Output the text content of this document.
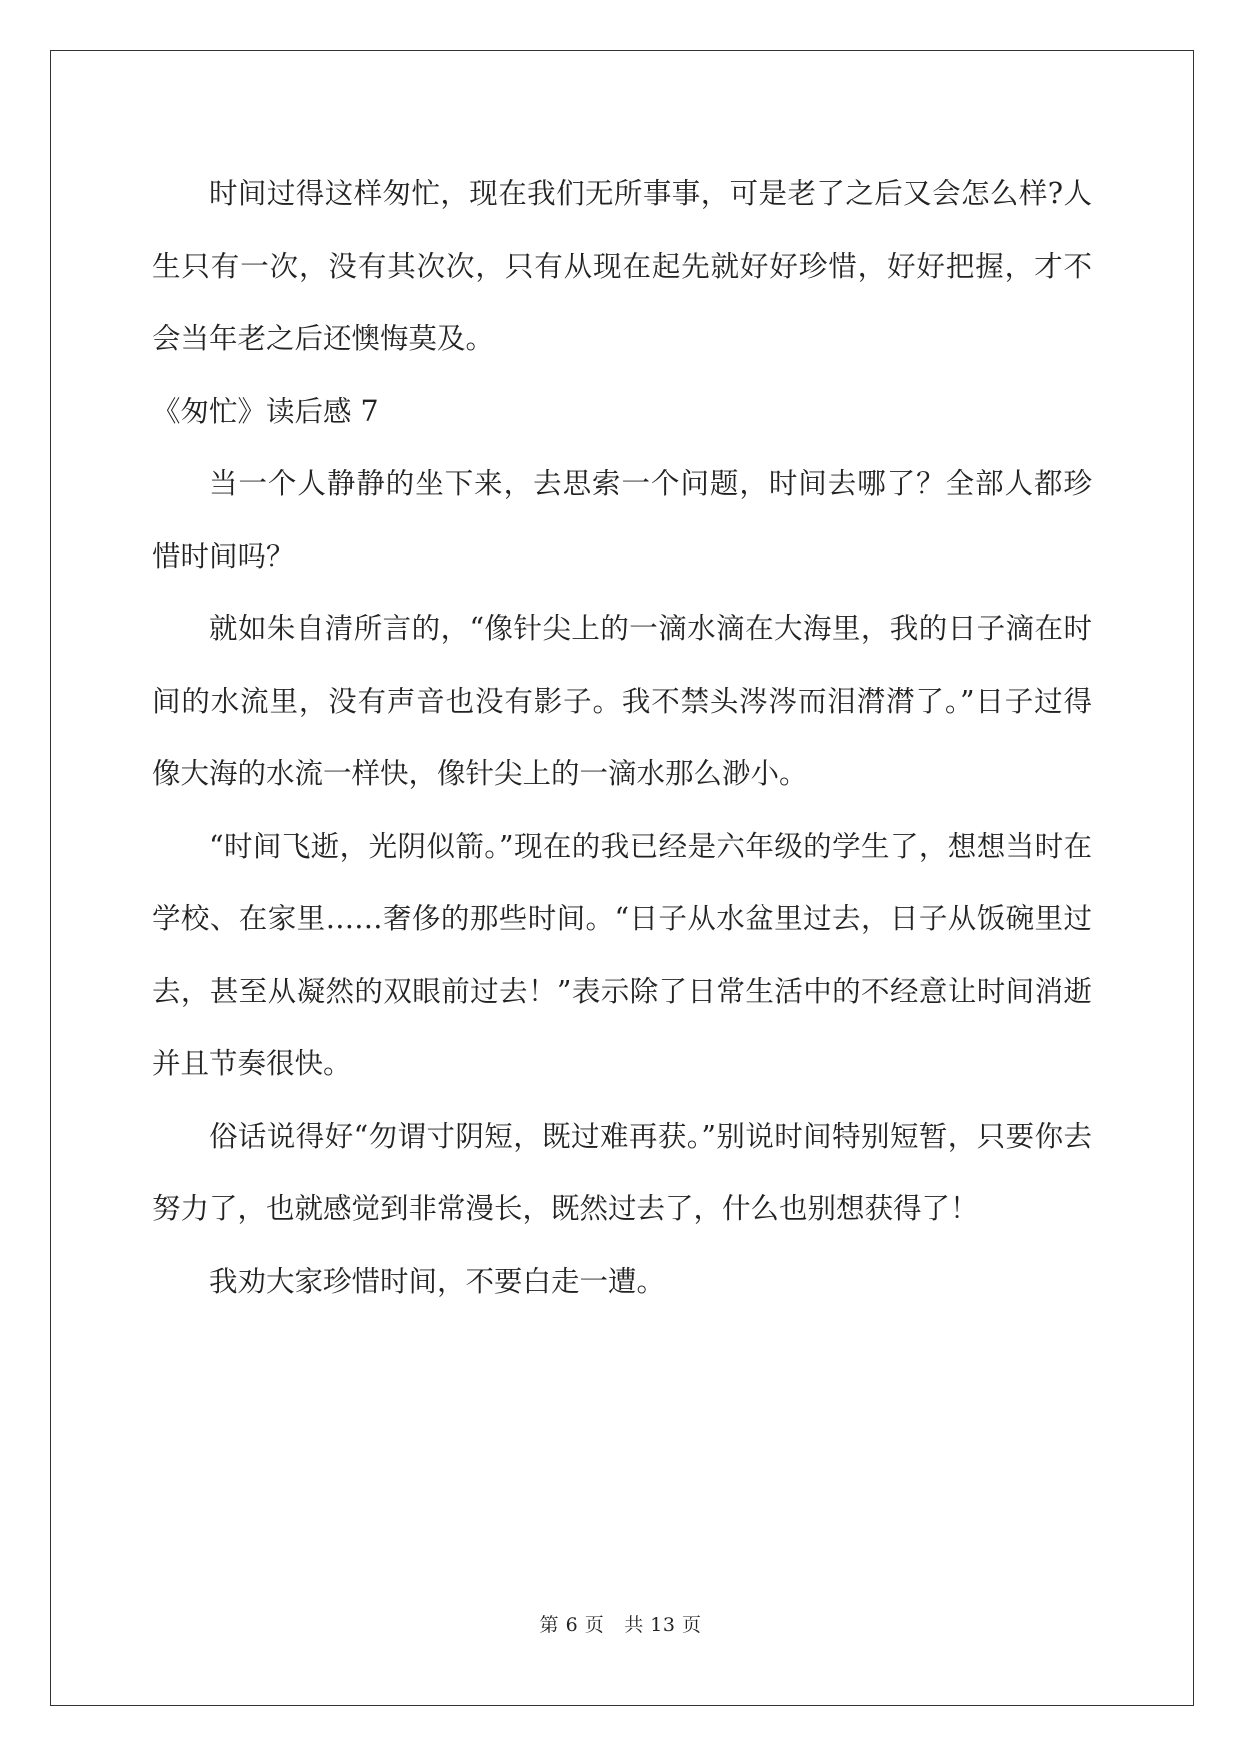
时间过得这样匆忙，现在我们无所事事，可是老了之后又会怎么样?人生只有一次，没有其次次，只有从现在起先就好好珍惜，好好把握，才不会当年老之后还懊悔莫及。

《匆忙》读后感 7

当一个人静静的坐下来，去思索一个问题，时间去哪了？全部人都珍惜时间吗？

就如朱自清所言的，“像针尖上的一滴水滴在大海里，我的日子滴在时间的水流里，没有声音也没有影子。我不禁头涔涔而泪潸潸了。”日子过得像大海的水流一样快，像针尖上的一滴水那么渺小。

“时间飞逝，光阴似箭。”现在的我已经是六年级的学生了，想想当时在学校、在家里……奢侈的那些时间。“日子从水盆里过去，日子从饭碗里过去，甚至从凝然的双眼前过去！”表示除了日常生活中的不经意让时间消逝并且节奏很快。

俗话说得好“勿谓寸阴短，既过难再获。”别说时间特别短暂，只要你去努力了，也就感觉到非常漫长，既然过去了，什么也别想获得了！

我劝大家珍惜时间，不要白走一遭。

第 6 页 共 13 页
